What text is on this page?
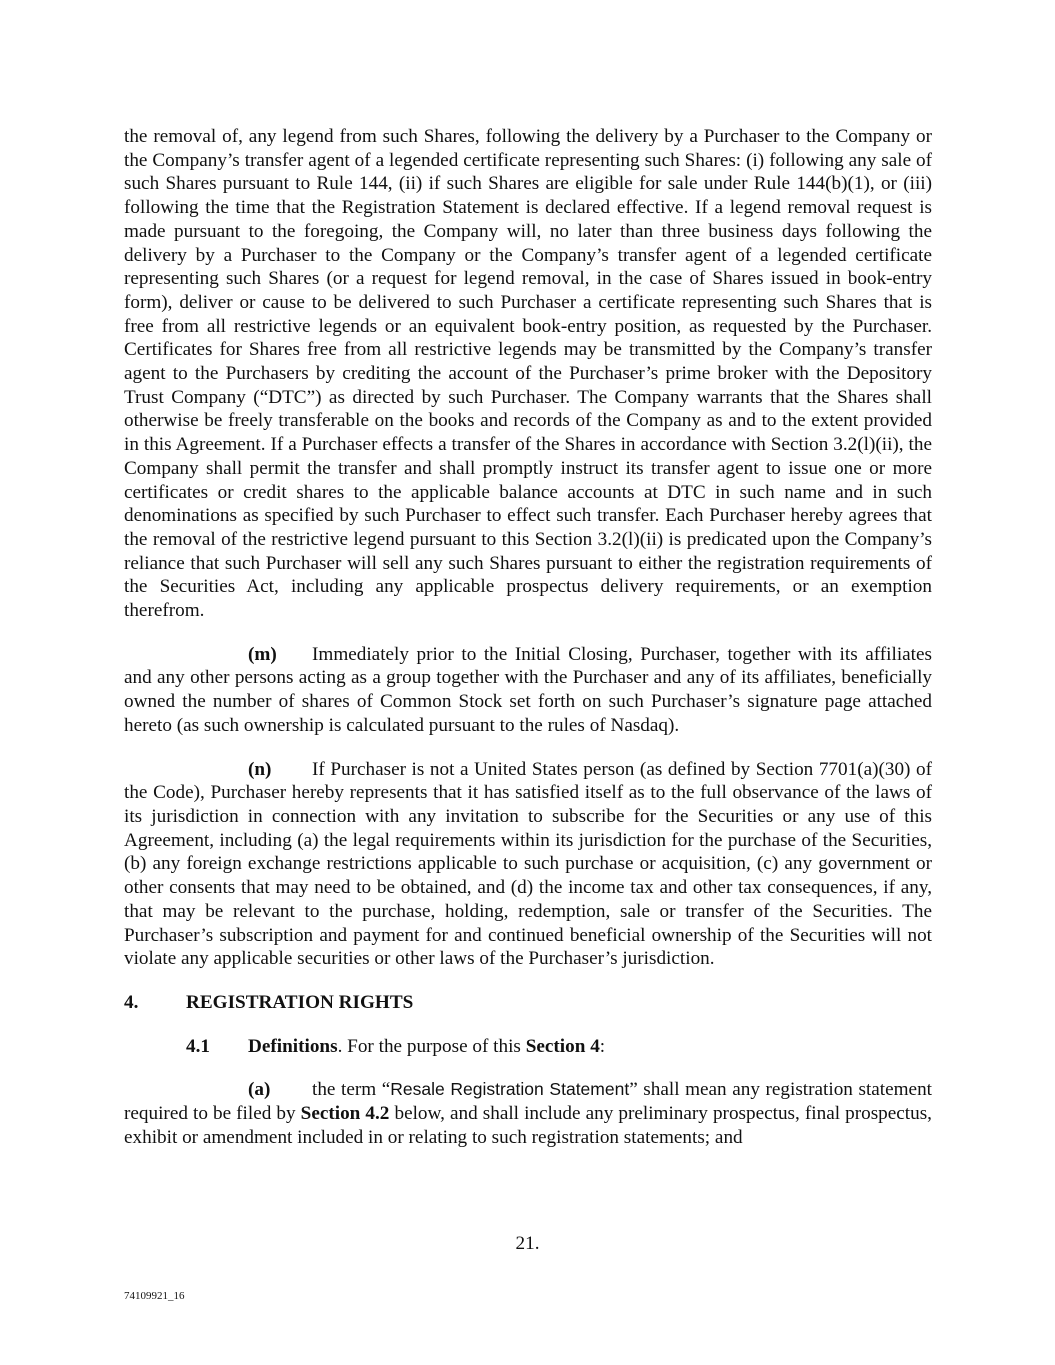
the removal of, any legend from such Shares, following the delivery by a Purchaser to the Company or the Company’s transfer agent of a legended certificate representing such Shares: (i) following any sale of such Shares pursuant to Rule 144, (ii) if such Shares are eligible for sale under Rule 144(b)(1), or (iii) following the time that the Registration Statement is declared effective. If a legend removal request is made pursuant to the foregoing, the Company will, no later than three business days following the delivery by a Purchaser to the Company or the Company’s transfer agent of a legended certificate representing such Shares (or a request for legend removal, in the case of Shares issued in book-entry form), deliver or cause to be delivered to such Purchaser a certificate representing such Shares that is free from all restrictive legends or an equivalent book-entry position, as requested by the Purchaser. Certificates for Shares free from all restrictive legends may be transmitted by the Company’s transfer agent to the Purchasers by crediting the account of the Purchaser’s prime broker with the Depository Trust Company (“DTC”) as directed by such Purchaser. The Company warrants that the Shares shall otherwise be freely transferable on the books and records of the Company as and to the extent provided in this Agreement. If a Purchaser effects a transfer of the Shares in accordance with Section 3.2(l)(ii), the Company shall permit the transfer and shall promptly instruct its transfer agent to issue one or more certificates or credit shares to the applicable balance accounts at DTC in such name and in such denominations as specified by such Purchaser to effect such transfer. Each Purchaser hereby agrees that the removal of the restrictive legend pursuant to this Section 3.2(l)(ii) is predicated upon the Company’s reliance that such Purchaser will sell any such Shares pursuant to either the registration requirements of the Securities Act, including any applicable prospectus delivery requirements, or an exemption therefrom.

(m) Immediately prior to the Initial Closing, Purchaser, together with its affiliates and any other persons acting as a group together with the Purchaser and any of its affiliates, beneficially owned the number of shares of Common Stock set forth on such Purchaser’s signature page attached hereto (as such ownership is calculated pursuant to the rules of Nasdaq).

(n) If Purchaser is not a United States person (as defined by Section 7701(a)(30) of the Code), Purchaser hereby represents that it has satisfied itself as to the full observance of the laws of its jurisdiction in connection with any invitation to subscribe for the Securities or any use of this Agreement, including (a) the legal requirements within its jurisdiction for the purchase of the Securities, (b) any foreign exchange restrictions applicable to such purchase or acquisition, (c) any government or other consents that may need to be obtained, and (d) the income tax and other tax consequences, if any, that may be relevant to the purchase, holding, redemption, sale or transfer of the Securities. The Purchaser’s subscription and payment for and continued beneficial ownership of the Securities will not violate any applicable securities or other laws of the Purchaser’s jurisdiction.

4. REGISTRATION RIGHTS

4.1 Definitions. For the purpose of this Section 4:

(a) the term “Resale Registration Statement” shall mean any registration statement required to be filed by Section 4.2 below, and shall include any preliminary prospectus, final prospectus, exhibit or amendment included in or relating to such registration statements; and

21.
74109921_16
